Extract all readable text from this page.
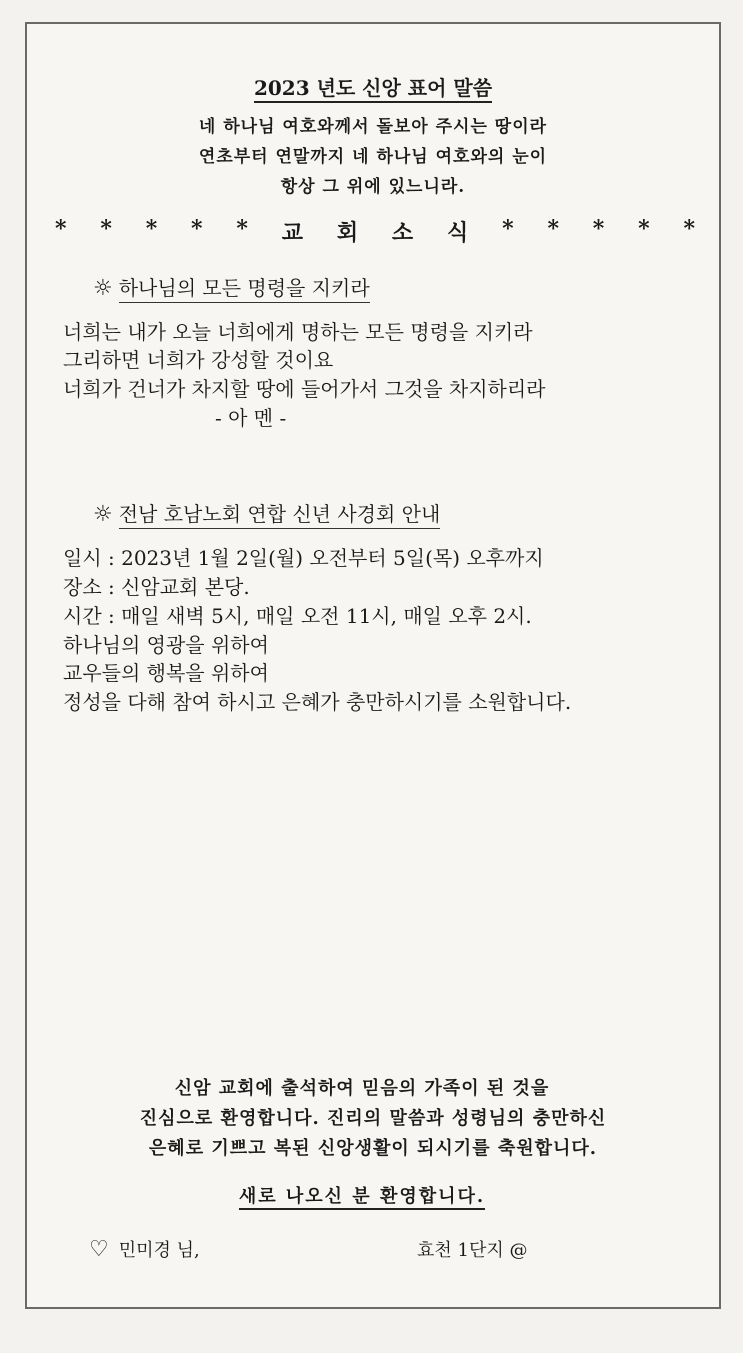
2023 년도 신앙 표어 말씀
네 하나님 여호와께서 돌보아 주시는 땅이라
연초부터 연말까지 네 하나님 여호와의 눈이
항상 그 위에 있느니라.
* * * * * 교 회 소 식 * * * * *
☼ 하나님의 모든 명령을 지키라
너희는 내가 오늘 너희에게 명하는 모든 명령을 지키라
그리하면 너희가 강성할 것이요
너희가 건너가 차지할 땅에 들어가서 그것을 차지하리라
- 아 멘 -
☼ 전남 호남노회 연합 신년 사경회 안내
일시 : 2023년 1월 2일(월) 오전부터 5일(목) 오후까지
장소 : 신암교회 본당.
시간 : 매일 새벽 5시, 매일 오전 11시, 매일 오후 2시.
하나님의 영광을 위하여
교우들의 행복을 위하여
정성을 다해 참여 하시고 은혜가 충만하시기를 소원합니다.
신암 교회에 출석하여 믿음의 가족이 된 것을
진심으로 환영합니다. 진리의 말씀과 성령님의 충만하신
은혜로 기쁘고 복된 신앙생활이 되시기를 축원합니다.
새로 나오신 분 환영합니다.
♡ 민미경 님,	효천 1단지 @
